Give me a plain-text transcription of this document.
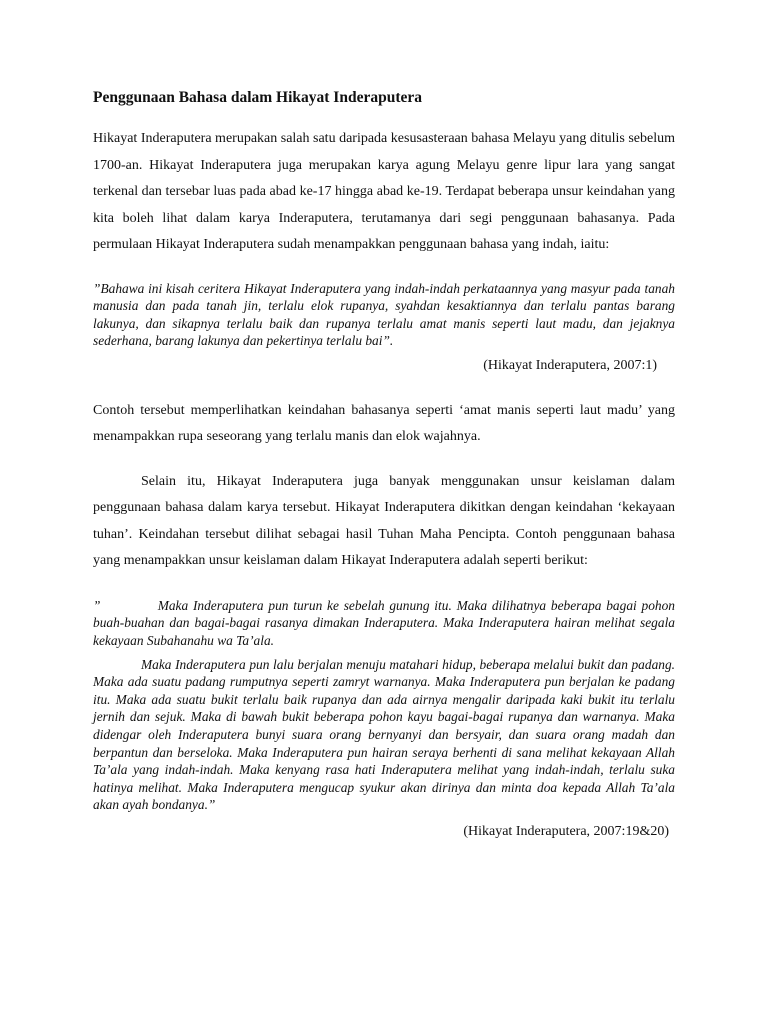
Penggunaan Bahasa dalam Hikayat Inderaputera

Hikayat Inderaputera merupakan salah satu daripada kesusasteraan bahasa Melayu yang ditulis sebelum 1700-an. Hikayat Inderaputera juga merupakan karya agung Melayu genre lipur lara yang sangat terkenal dan tersebar luas pada abad ke-17 hingga abad ke-19. Terdapat beberapa unsur keindahan yang kita boleh lihat dalam karya Inderaputera, terutamanya dari segi penggunaan bahasanya. Pada permulaan Hikayat Inderaputera sudah menampakkan penggunaan bahasa yang indah, iaitu:

”Bahawa ini kisah ceritera Hikayat Inderaputera yang indah-indah perkataannya yang masyur pada tanah manusia dan pada tanah jin, terlalu elok rupanya, syahdan kesaktiannya dan terlalu pantas barang lakunya, dan sikapnya terlalu baik dan rupanya terlalu amat manis seperti laut madu, dan jejaknya sederhana, barang lakunya dan pekertinya terlalu bai”.

(Hikayat Inderaputera, 2007:1)

Contoh tersebut memperlihatkan keindahan bahasanya seperti ‘amat manis seperti laut madu’ yang menampakkan rupa seseorang yang terlalu manis dan elok wajahnya.

Selain itu, Hikayat Inderaputera juga banyak menggunakan unsur keislaman dalam penggunaan bahasa dalam karya tersebut. Hikayat Inderaputera dikitkan dengan keindahan ‘kekayaan tuhan’. Keindahan tersebut dilihat sebagai hasil Tuhan Maha Pencipta. Contoh penggunaan bahasa yang menampakkan unsur keislaman dalam Hikayat Inderaputera adalah seperti berikut:

”            Maka Inderaputera pun turun ke sebelah gunung itu. Maka dilihatnya beberapa bagai pohon buah-buahan dan bagai-bagai rasanya dimakan Inderaputera. Maka Inderaputera hairan melihat segala kekayaan Subahanahu wa Ta’ala.

Maka Inderaputera pun lalu berjalan menuju matahari hidup, beberapa melalui bukit dan padang. Maka ada suatu padang rumputnya seperti zamryt warnanya. Maka Inderaputera pun berjalan ke padang itu. Maka ada suatu bukit terlalu baik rupanya dan ada airnya mengalir daripada kaki bukit itu terlalu jernih dan sejuk. Maka di bawah bukit beberapa pohon kayu bagai-bagai rupanya dan warnanya. Maka didengar oleh Inderaputera bunyi suara orang bernyanyi dan bersyair, dan suara orang madah dan berpantun dan berseloka. Maka Inderaputera pun hairan seraya berhenti di sana melihat kekayaan Allah Ta’ala yang indah-indah. Maka kenyang rasa hati Inderaputera melihat yang indah-indah, terlalu suka hatinya melihat. Maka Inderaputera mengucap syukur akan dirinya dan minta doa kepada Allah Ta’ala akan ayah bondanya.”

(Hikayat Inderaputera, 2007:19&20)
